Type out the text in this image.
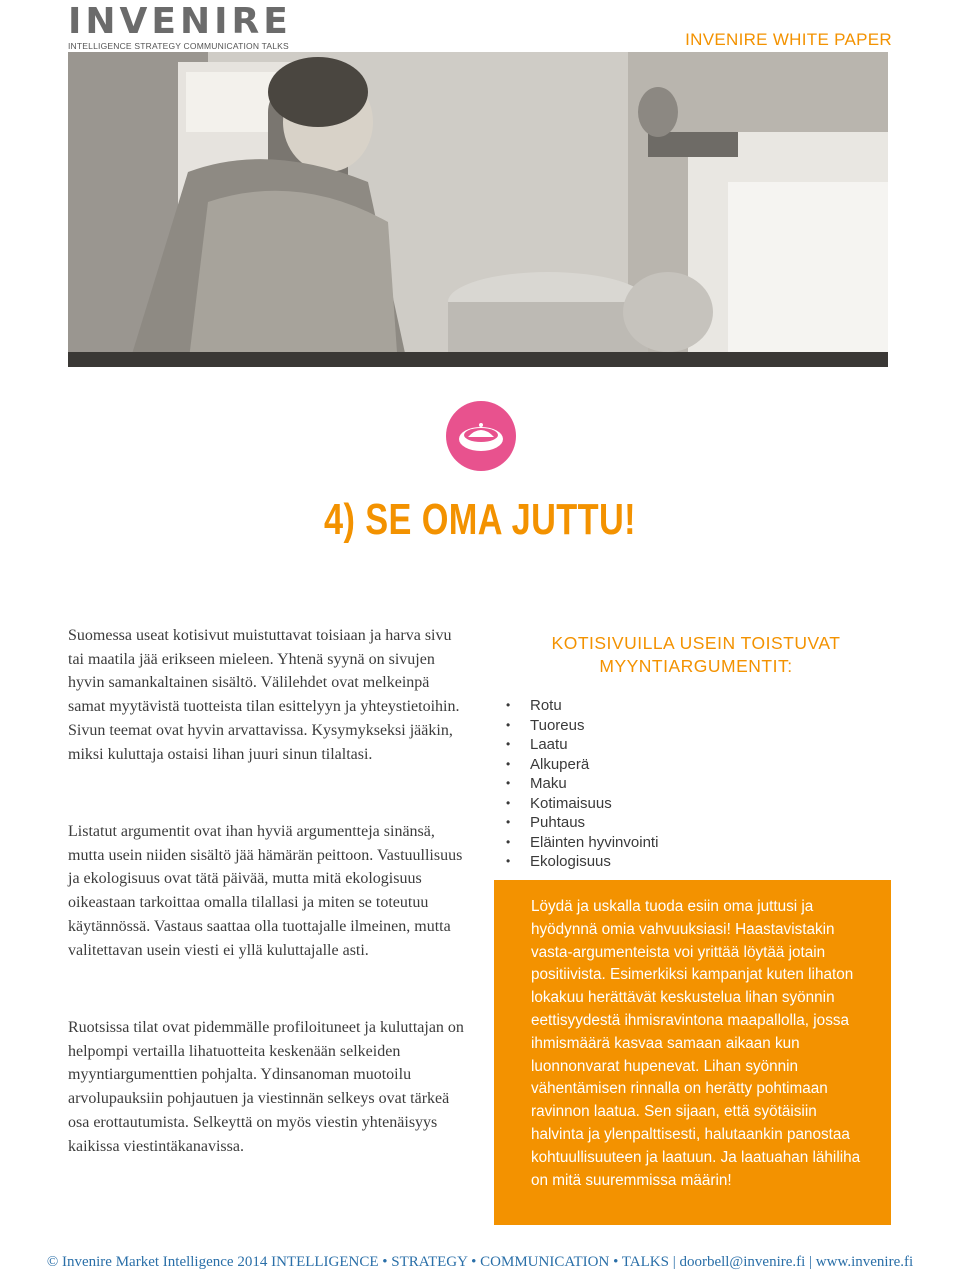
INVENIRE
INTELLIGENCE STRATEGY COMMUNICATION TALKS	INVENIRE WHITE PAPER
4) SE OMA JUTTU!

Suomessa useat kotisivut muistuttavat toisiaan ja harva sivu tai maatila jää erikseen mieleen. Yhtenä syynä on sivujen hyvin samankaltainen sisältö. Välilehdet ovat melkeinpä samat myytävistä tuotteista tilan esittelyyn ja yhteystietoihin. Sivun teemat ovat hyvin arvattavissa. Kysymykseksi jääkin, miksi kuluttaja ostaisi lihan juuri sinun tilaltasi.

Listatut argumentit ovat ihan hyviä argumentteja sinänsä, mutta usein niiden sisältö jää hämärän peittoon. Vastuullisuus ja ekologisuus ovat tätä päivää, mutta mitä ekologisuus oikeastaan tarkoittaa omalla tilallasi ja miten se toteutuu käytännössä. Vastaus saattaa olla tuottajalle ilmeinen, mutta valitettavan usein viesti ei yllä kuluttajalle asti.

Ruotsissa tilat ovat pidemmälle profiloituneet ja kuluttajan on helpompi vertailla lihatuotteita keskenään selkeiden myyntiargumenttien pohjalta. Ydinsanoman muotoilu arvolupauksiin pohjautuen ja viestinnän selkeys ovat tärkeä osa erottautumista. Selkeyttä on myös viestin yhtenäisyys kaikissa viestintäkanavissa.

KOTISIVUILLA USEIN TOISTUVAT
MYYNTIARGUMENTIT:
• Rotu
• Tuoreus
• Laatu
• Alkuperä
• Maku
• Kotimaisuus
• Puhtaus
• Eläinten hyvinvointi
• Ekologisuus

Löydä ja uskalla tuoda esiin oma juttusi ja hyödynnä omia vahvuuksiasi! Haastavistakin vasta-argumenteista voi yrittää löytää jotain positiivista. Esimerkiksi kampanjat kuten lihaton lokakuu herättävät keskustelua lihan syönnin eettisyydestä ihmisravintona maapallolla, jossa ihmismäärä kasvaa samaan aikaan kun luonnonvarat hupenevat. Lihan syönnin vähentämisen rinnalla on herätty pohtimaan ravinnon laatua. Sen sijaan, että syötäisiin halvinta ja ylenpalttisesti, halutaankin panostaa kohtuullisuuteen ja laatuun. Ja laatuahan lähiliha on mitä suuremmissa määrin!

© Invenire Market Intelligence 2014 INTELLIGENCE • STRATEGY • COMMUNICATION • TALKS | doorbell@invenire.fi | www.invenire.fi
